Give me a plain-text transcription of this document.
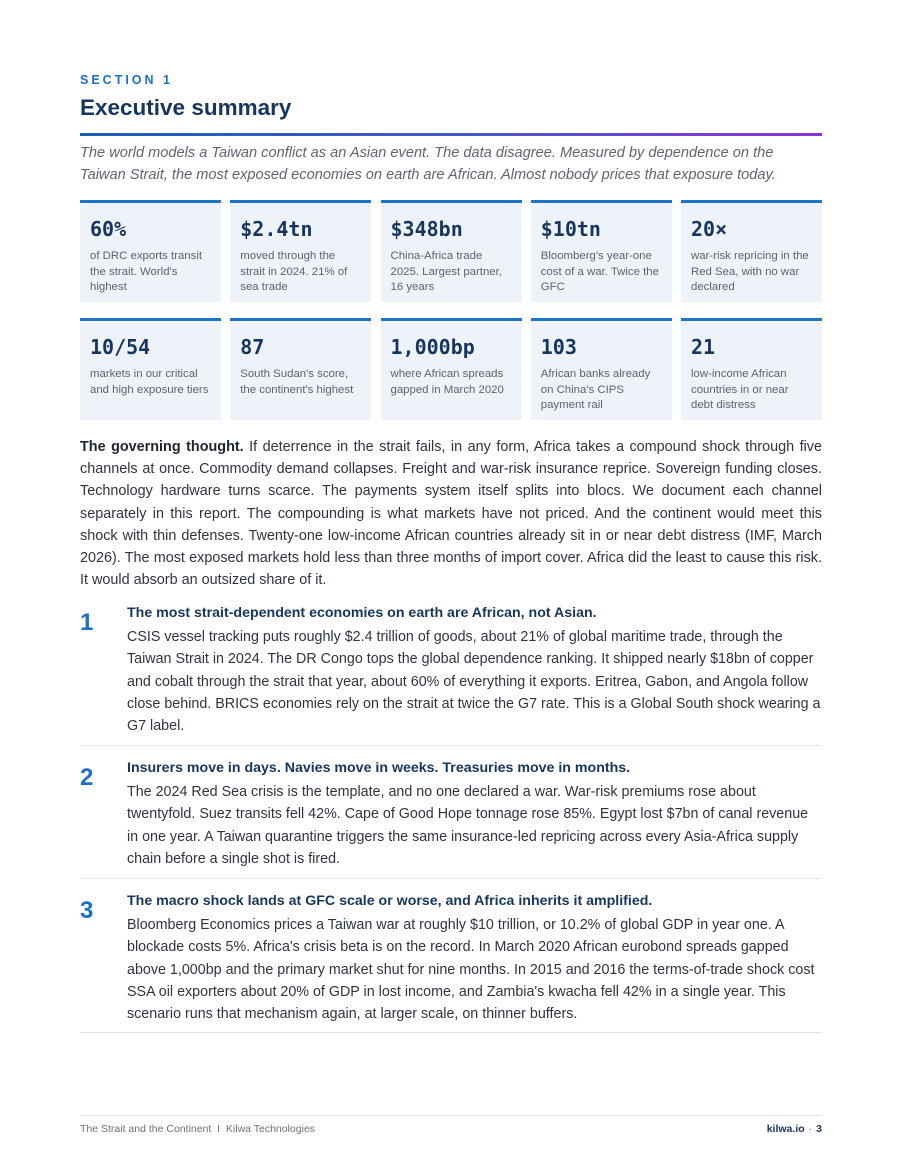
SECTION 1
Executive summary
The world models a Taiwan conflict as an Asian event. The data disagree. Measured by dependence on the Taiwan Strait, the most exposed economies on earth are African. Almost nobody prices that exposure today.
60%
of DRC exports transit the strait. World's highest
$2.4tn
moved through the strait in 2024. 21% of sea trade
$348bn
China-Africa trade 2025. Largest partner, 16 years
$10tn
Bloomberg's year-one cost of a war. Twice the GFC
20×
war-risk repricing in the Red Sea, with no war declared
10/54
markets in our critical and high exposure tiers
87
South Sudan's score, the continent's highest
1,000bp
where African spreads gapped in March 2020
103
African banks already on China's CIPS payment rail
21
low-income African countries in or near debt distress
The governing thought. If deterrence in the strait fails, in any form, Africa takes a compound shock through five channels at once. Commodity demand collapses. Freight and war-risk insurance reprice. Sovereign funding closes. Technology hardware turns scarce. The payments system itself splits into blocs. We document each channel separately in this report. The compounding is what markets have not priced. And the continent would meet this shock with thin defenses. Twenty-one low-income African countries already sit in or near debt distress (IMF, March 2026). The most exposed markets hold less than three months of import cover. Africa did the least to cause this risk. It would absorb an outsized share of it.
1 The most strait-dependent economies on earth are African, not Asian.
CSIS vessel tracking puts roughly $2.4 trillion of goods, about 21% of global maritime trade, through the Taiwan Strait in 2024. The DR Congo tops the global dependence ranking. It shipped nearly $18bn of copper and cobalt through the strait that year, about 60% of everything it exports. Eritrea, Gabon, and Angola follow close behind. BRICS economies rely on the strait at twice the G7 rate. This is a Global South shock wearing a G7 label.
2 Insurers move in days. Navies move in weeks. Treasuries move in months.
The 2024 Red Sea crisis is the template, and no one declared a war. War-risk premiums rose about twentyfold. Suez transits fell 42%. Cape of Good Hope tonnage rose 85%. Egypt lost $7bn of canal revenue in one year. A Taiwan quarantine triggers the same insurance-led repricing across every Asia-Africa supply chain before a single shot is fired.
3 The macro shock lands at GFC scale or worse, and Africa inherits it amplified.
Bloomberg Economics prices a Taiwan war at roughly $10 trillion, or 10.2% of global GDP in year one. A blockade costs 5%. Africa's crisis beta is on the record. In March 2020 African eurobond spreads gapped above 1,000bp and the primary market shut for nine months. In 2015 and 2016 the terms-of-trade shock cost SSA oil exporters about 20% of GDP in lost income, and Zambia's kwacha fell 42% in a single year. This scenario runs that mechanism again, at larger scale, on thinner buffers.
The Strait and the Continent  I  Kilwa Technologies	kilwa.io · 3
